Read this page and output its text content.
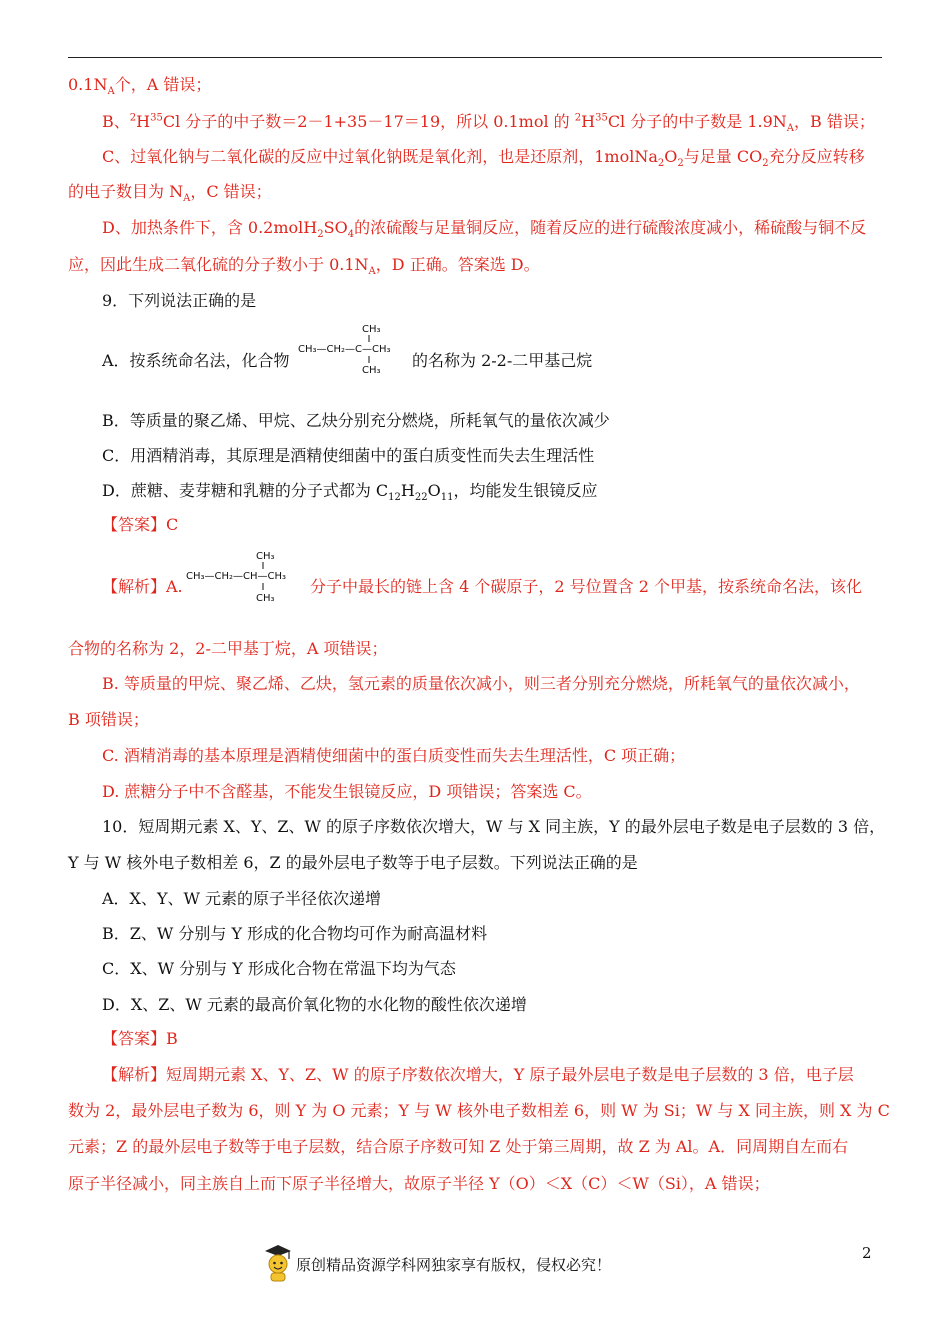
$0.1N_A$个，A 错误；
B、$^2H^{35}Cl$ 分子的中子数＝2－1+35－17＝19，所以 0.1mol 的 $^2H^{35}Cl$ 分子的中子数是 $1.9N_A$，B 错误；
C、过氧化钠与二氧化碳的反应中过氧化钠既是氧化剂，也是还原剂，$1molNa_2O_2$与足量 $CO_2$充分反应转移
的电子数目为 $N_A$，C 错误；
D、加热条件下，含 $0.2molH_2SO_4$的浓硫酸与足量铜反应，随着反应的进行硫酸浓度减小，稀硫酸与铜不反
应，因此生成二氧化硫的分子数小于 $0.1N_A$，D 正确。答案选 D。
9．下列说法正确的是
A．按系统命名法，化合物
CH₃
CH₃—CH₂—C—CH₃
CH₃
的名称为 2-2-二甲基己烷
B．等质量的聚乙烯、甲烷、乙炔分别充分燃烧，所耗氧气的量依次减少
C．用酒精消毒，其原理是酒精使细菌中的蛋白质变性而失去生理活性
D．蔗糖、麦芽糖和乳糖的分子式都为 $C_{12}H_{22}O_{11}$，均能发生银镜反应
【答案】C
【解析】A.
CH₃
CH₃—CH₂—CH—CH₃
CH₃
分子中最长的链上含 4 个碳原子，2 号位置含 2 个甲基，按系统命名法，该化
合物的名称为 2，2-二甲基丁烷，A 项错误；
B. 等质量的甲烷、聚乙烯、乙炔，氢元素的质量依次减小，则三者分别充分燃烧，所耗氧气的量依次减小，
B 项错误；
C. 酒精消毒的基本原理是酒精使细菌中的蛋白质变性而失去生理活性，C 项正确；
D. 蔗糖分子中不含醛基，不能发生银镜反应，D 项错误；答案选 C。
10．短周期元素 X、Y、Z、W 的原子序数依次增大，W 与 X 同主族，Y 的最外层电子数是电子层数的 3 倍，
Y 与 W 核外电子数相差 6，Z 的最外层电子数等于电子层数。下列说法正确的是
A．X、Y、W 元素的原子半径依次递增
B．Z、W 分别与 Y 形成的化合物均可作为耐高温材料
C．X、W 分别与 Y 形成化合物在常温下均为气态
D．X、Z、W 元素的最高价氧化物的水化物的酸性依次递增
【答案】B
【解析】短周期元素 X、Y、Z、W 的原子序数依次增大，Y 原子最外层电子数是电子层数的 3 倍，电子层
数为 2，最外层电子数为 6，则 Y 为 O 元素；Y 与 W 核外电子数相差 6，则 W 为 Si；W 与 X 同主族，则 X 为 C
元素；Z 的最外层电子数等于电子层数，结合原子序数可知 Z 处于第三周期，故 Z 为 Al。A．同周期自左而右
原子半径减小，同主族自上而下原子半径增大，故原子半径 Y（O）＜X（C）＜W（Si），A 错误；
2
原创精品资源学科网独家享有版权，侵权必究！
